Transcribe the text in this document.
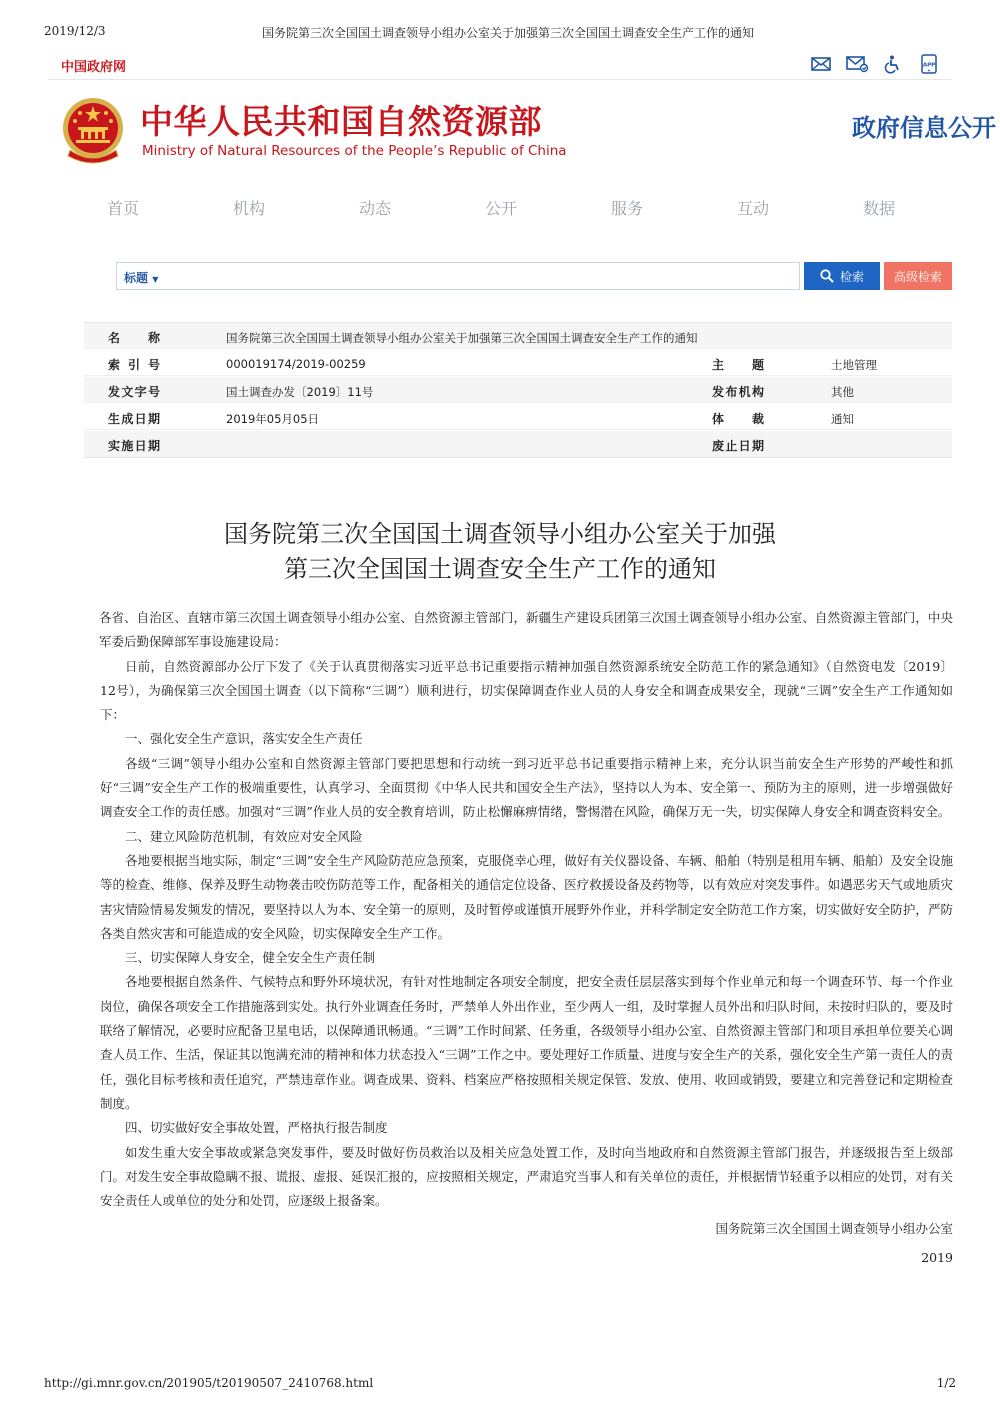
2019/12/3	国务院第三次全国国土调查领导小组办公室关于加强第三次全国国土调查安全生产工作的通知
中国政府网	APP
中华人民共和国自然资源部
Ministry of Natural Resources of the People’s Republic of China
政府信息公开
首页	机构	动态	公开	服务	互动	数据
标题 ▼	检索	高级检索
名　称	国务院第三次全国国土调查领导小组办公室关于加强第三次全国国土调查安全生产工作的通知
索 引 号	000019174/2019-00259	主　题	土地管理
发文字号	国土调查办发〔2019〕11号	发布机构	其他
生成日期	2019年05月05日	体　裁	通知
实施日期	废止日期
国务院第三次全国国土调查领导小组办公室关于加强
第三次全国国土调查安全生产工作的通知
各省、自治区、直辖市第三次国土调查领导小组办公室、自然资源主管部门，新疆生产建设兵团第三次国土调查领导小组办公室、自然资源主管部门，中央军委后勤保障部军事设施建设局：

日前，自然资源部办公厅下发了《关于认真贯彻落实习近平总书记重要指示精神加强自然资源系统安全防范工作的紧急通知》（自然资电发〔2019〕12号），为确保第三次全国国土调查（以下简称“三调”）顺利进行，切实保障调查作业人员的人身安全和调查成果安全，现就“三调”安全生产工作通知如下：

一、强化安全生产意识，落实安全生产责任

各级“三调”领导小组办公室和自然资源主管部门要把思想和行动统一到习近平总书记重要指示精神上来，充分认识当前安全生产形势的严峻性和抓好“三调”安全生产工作的极端重要性，认真学习、全面贯彻《中华人民共和国安全生产法》，坚持以人为本、安全第一、预防为主的原则，进一步增强做好调查安全工作的责任感。加强对“三调”作业人员的安全教育培训，防止松懈麻痹情绪，警惕潜在风险，确保万无一失，切实保障人身安全和调查资料安全。

二、建立风险防范机制，有效应对安全风险

各地要根据当地实际，制定“三调”安全生产风险防范应急预案，克服侥幸心理，做好有关仪器设备、车辆、船舶（特别是租用车辆、船舶）及安全设施等的检查、维修、保养及野生动物袭击咬伤防范等工作，配备相关的通信定位设备、医疗救援设备及药物等，以有效应对突发事件。如遇恶劣天气或地质灾害灾情险情易发频发的情况，要坚持以人为本、安全第一的原则，及时暂停或谨慎开展野外作业，并科学制定安全防范工作方案，切实做好安全防护，严防各类自然灾害和可能造成的安全风险，切实保障安全生产工作。

三、切实保障人身安全，健全安全生产责任制

各地要根据自然条件、气候特点和野外环境状况，有针对性地制定各项安全制度，把安全责任层层落实到每个作业单元和每一个调查环节、每一个作业岗位，确保各项安全工作措施落到实处。执行外业调查任务时，严禁单人外出作业，至少两人一组，及时掌握人员外出和归队时间，未按时归队的，要及时联络了解情况，必要时应配备卫星电话，以保障通讯畅通。“三调”工作时间紧、任务重，各级领导小组办公室、自然资源主管部门和项目承担单位要关心调查人员工作、生活，保证其以饱满充沛的精神和体力状态投入“三调”工作之中。要处理好工作质量、进度与安全生产的关系，强化安全生产第一责任人的责任，强化目标考核和责任追究，严禁违章作业。调查成果、资料、档案应严格按照相关规定保管、发放、使用、收回或销毁，要建立和完善登记和定期检查制度。

四、切实做好安全事故处置，严格执行报告制度

如发生重大安全事故或紧急突发事件，要及时做好伤员救治以及相关应急处置工作，及时向当地政府和自然资源主管部门报告，并逐级报告至上级部门。对发生安全事故隐瞒不报、谎报、虚报、延误汇报的，应按照相关规定，严肃追究当事人和有关单位的责任，并根据情节轻重予以相应的处罚，对有关安全责任人或单位的处分和处罚，应逐级上报备案。

国务院第三次全国国土调查领导小组办公室
2019
http://gi.mnr.gov.cn/201905/t20190507_2410768.html	1/2
